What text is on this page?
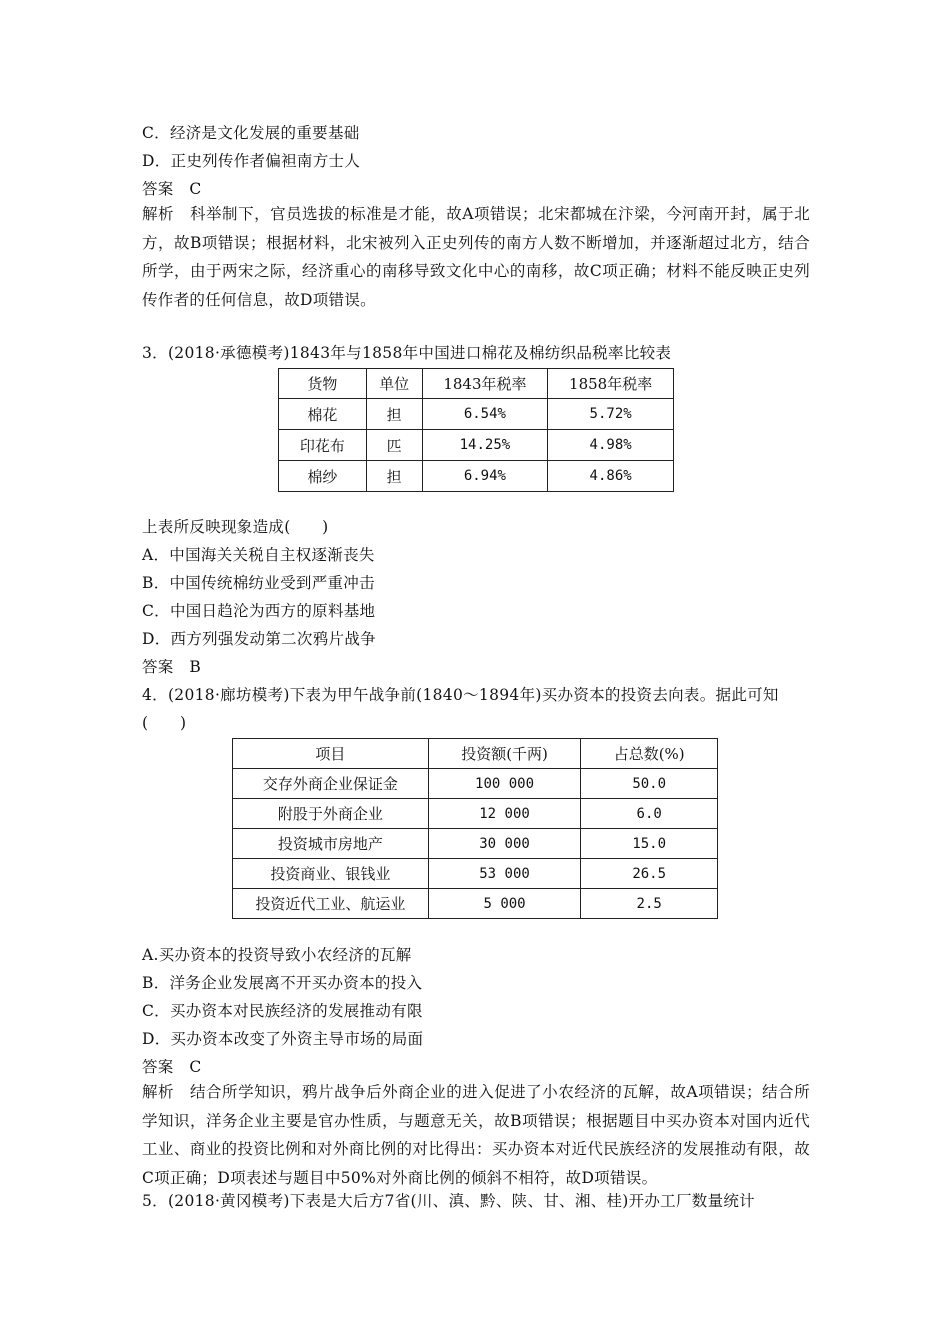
C．经济是文化发展的重要基础
D．正史列传作者偏袒南方士人
答案　C
解析　科举制下，官员选拔的标准是才能，故A项错误；北宋都城在汴梁，今河南开封，属于北方，故B项错误；根据材料，北宋被列入正史列传的南方人数不断增加，并逐渐超过北方，结合所学，由于两宋之际，经济重心的南移导致文化中心的南移，故C项正确；材料不能反映正史列传作者的任何信息，故D项错误。
3．(2018·承德模考)1843年与1858年中国进口棉花及棉纺织品税率比较表
货物	单位	1843年税率	1858年税率
棉花	担	6.54%	5.72%
印花布	匹	14.25%	4.98%
棉纱	担	6.94%	4.86%
上表所反映现象造成(　　)
A．中国海关关税自主权逐渐丧失
B．中国传统棉纺业受到严重冲击
C．中国日趋沦为西方的原料基地
D．西方列强发动第二次鸦片战争
答案　B
4．(2018·廊坊模考)下表为甲午战争前(1840～1894年)买办资本的投资去向表。据此可知
(　　)
项目	投资额(千两)	占总数(%)
交存外商企业保证金	100 000	50.0
附股于外商企业	12 000	6.0
投资城市房地产	30 000	15.0
投资商业、银钱业	53 000	26.5
投资近代工业、航运业	5 000	2.5
A.买办资本的投资导致小农经济的瓦解
B．洋务企业发展离不开买办资本的投入
C．买办资本对民族经济的发展推动有限
D．买办资本改变了外资主导市场的局面
答案　C
解析　结合所学知识，鸦片战争后外商企业的进入促进了小农经济的瓦解，故A项错误；结合所学知识，洋务企业主要是官办性质，与题意无关，故B项错误；根据题目中买办资本对国内近代工业、商业的投资比例和对外商比例的对比得出：买办资本对近代民族经济的发展推动有限，故C项正确；D项表述与题目中50%对外商比例的倾斜不相符，故D项错误。
5．(2018·黄冈模考)下表是大后方7省(川、滇、黔、陕、甘、湘、桂)开办工厂数量统计
